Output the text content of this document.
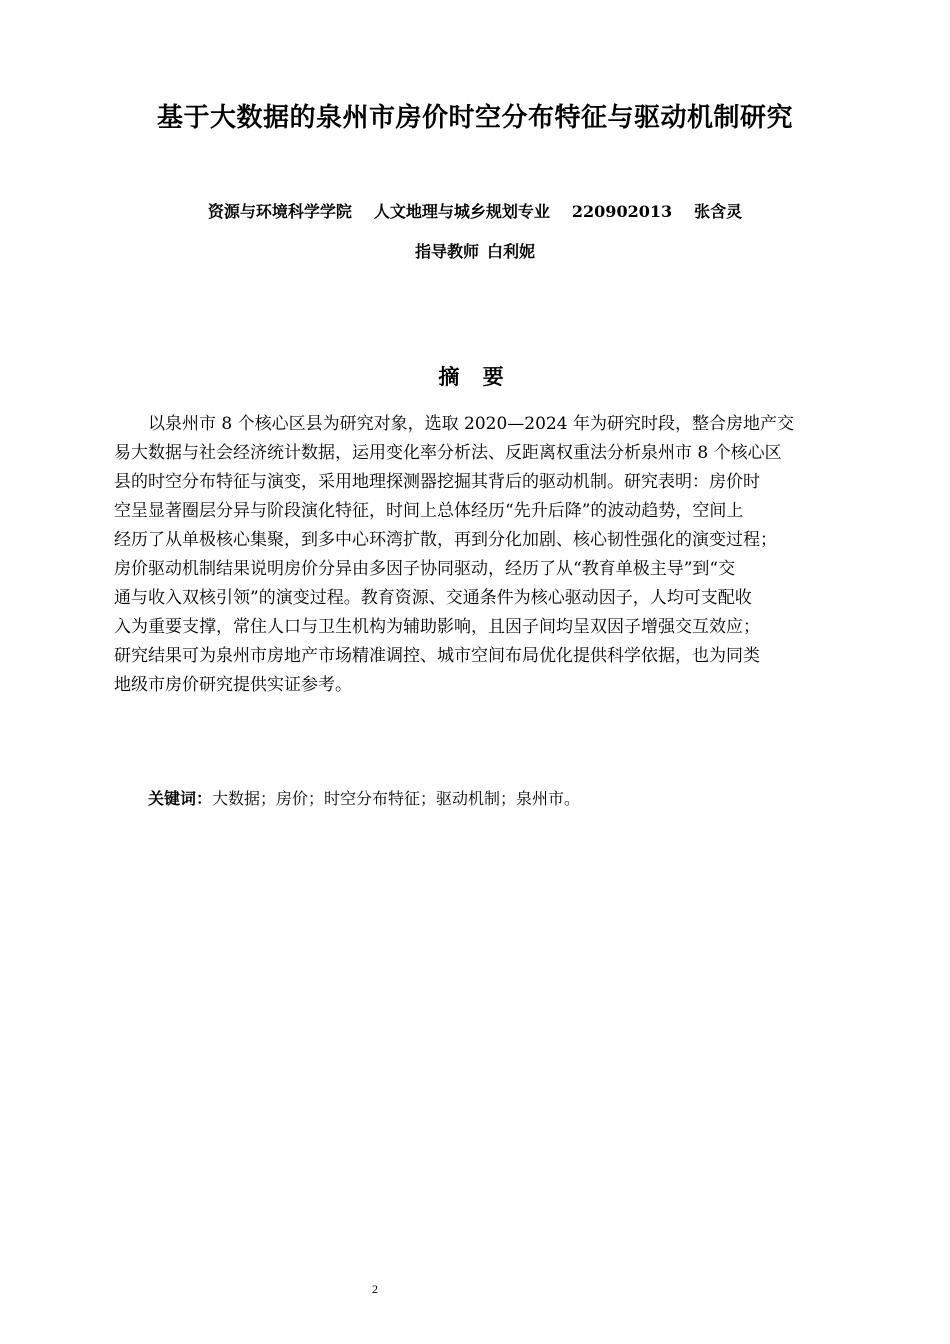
基于大数据的泉州市房价时空分布特征与驱动机制研究
资源与环境科学学院 人文地理与城乡规划专业 220902013 张含灵
指导教师 白利妮
摘 要
以泉州市 8 个核心区县为研究对象，选取 2020—2024 年为研究时段，整合房地产交
易大数据与社会经济统计数据，运用变化率分析法、反距离权重法分析泉州市 8 个核心区
县的时空分布特征与演变，采用地理探测器挖掘其背后的驱动机制。研究表明：房价时
空呈显著圈层分异与阶段演化特征，时间上总体经历“先升后降”的波动趋势，空间上
经历了从单极核心集聚，到多中心环湾扩散，再到分化加剧、核心韧性强化的演变过程；
房价驱动机制结果说明房价分异由多因子协同驱动，经历了从“教育单极主导”到“交
通与收入双核引领”的演变过程。教育资源、交通条件为核心驱动因子，人均可支配收
入为重要支撑，常住人口与卫生机构为辅助影响，且因子间均呈双因子增强交互效应；
研究结果可为泉州市房地产市场精准调控、城市空间布局优化提供科学依据，也为同类
地级市房价研究提供实证参考。
关键词：大数据；房价；时空分布特征；驱动机制；泉州市。
2
